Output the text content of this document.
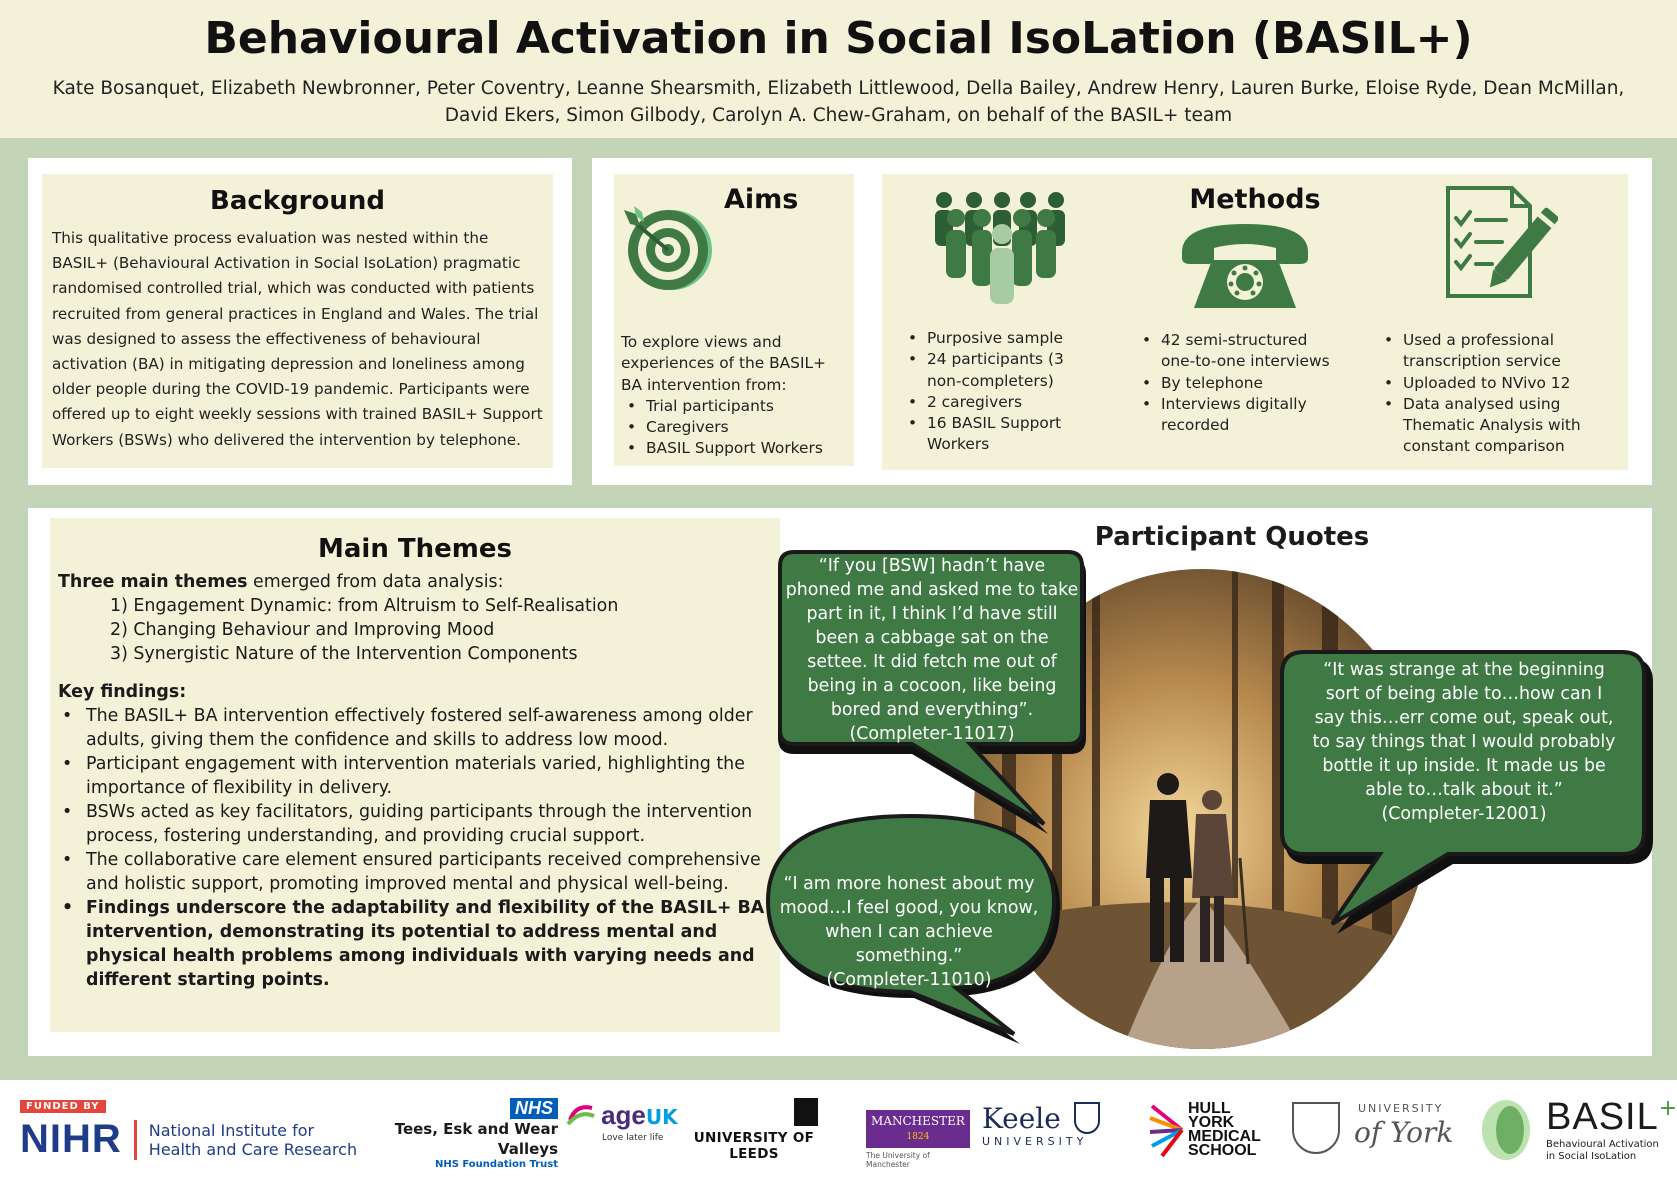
Behavioural Activation in Social IsoLation (BASIL+)
Kate Bosanquet, Elizabeth Newbronner, Peter Coventry, Leanne Shearsmith, Elizabeth Littlewood, Della Bailey, Andrew Henry, Lauren Burke, Eloise Ryde, Dean McMillan,
David Ekers, Simon Gilbody, Carolyn A. Chew-Graham, on behalf of the BASIL+ team
Background
This qualitative process evaluation was nested within the BASIL+ (Behavioural Activation in Social IsoLation) pragmatic randomised controlled trial, which was conducted with patients recruited from general practices in England and Wales. The trial was designed to assess the effectiveness of behavioural activation (BA) in mitigating depression and loneliness among older people during the COVID-19 pandemic. Participants were offered up to eight weekly sessions with trained BASIL+ Support Workers (BSWs) who delivered the intervention by telephone.
Aims
To explore views and experiences of the BASIL+ BA intervention from:
• Trial participants
• Caregivers
• BASIL Support Workers
Methods
• Purposive sample
• 24 participants (3 non-completers)
• 2 caregivers
• 16 BASIL Support Workers
• 42 semi-structured one-to-one interviews
• By telephone
• Interviews digitally recorded
• Used a professional transcription service
• Uploaded to NVivo 12
• Data analysed using Thematic Analysis with constant comparison
Main Themes
Three main themes emerged from data analysis:
1) Engagement Dynamic: from Altruism to Self-Realisation
2) Changing Behaviour and Improving Mood
3) Synergistic Nature of the Intervention Components
Key findings:
• The BASIL+ BA intervention effectively fostered self-awareness among older adults, giving them the confidence and skills to address low mood.
• Participant engagement with intervention materials varied, highlighting the importance of flexibility in delivery.
• BSWs acted as key facilitators, guiding participants through the intervention process, fostering understanding, and providing crucial support.
• The collaborative care element ensured participants received comprehensive and holistic support, promoting improved mental and physical well-being.
• Findings underscore the adaptability and flexibility of the BASIL+ BA intervention, demonstrating its potential to address mental and physical health problems among individuals with varying needs and different starting points.
Participant Quotes
“If you [BSW] hadn’t have phoned me and asked me to take part in it, I think I’d have still been a cabbage sat on the settee. It did fetch me out of being in a cocoon, like being bored and everything”.
(Completer-11017)
“It was strange at the beginning sort of being able to…how can I say this…err come out, speak out, to say things that I would probably bottle it up inside. It made us be able to…talk about it.”
(Completer-12001)
“I am more honest about my mood…I feel good, you know, when I can achieve something.”
(Completer-11010)
FUNDED BY
NIHR National Institute for
Health and Care Research
NHS
Tees, Esk and Wear Valleys
NHS Foundation Trust
ageUK
Love later life	UNIVERSITY OF LEEDS
MANCHESTER
1824
The University of Manchester
Keele
UNIVERSITY
HULL
YORK
MEDICAL
SCHOOL
UNIVERSITY
of York BASIL+
Behavioural Activation
in Social IsoLation
